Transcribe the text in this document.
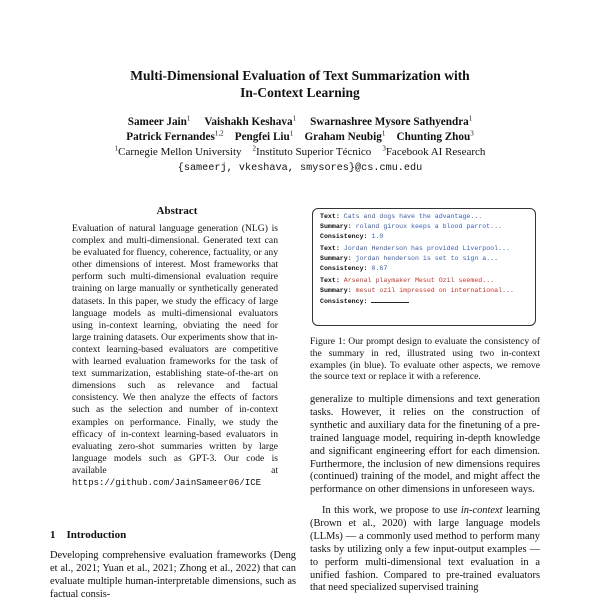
Multi-Dimensional Evaluation of Text Summarization with
In-Context Learning
Sameer Jain$^1$ Vaishakh Keshava$^1$ Swarnashree Mysore Sathyendra$^1$
Patrick Fernandes$^{1,2}$ Pengfei Liu$^1$ Graham Neubig$^1$ Chunting Zhou$^3$
$^1$Carnegie Mellon University $^2$Instituto Superior Técnico $^3$Facebook AI Research
{sameerj, vkeshava, smysores}@cs.cmu.edu
Abstract
Evaluation of natural language generation (NLG) is complex and multi-dimensional. Generated text can be evaluated for fluency, coherence, factuality, or any other dimensions of interest. Most frameworks that perform such multi-dimensional evaluation require training on large manually or synthetically generated datasets. In this paper, we study the efficacy of large language models as multi-dimensional evaluators using in-context learning, obviating the need for large training datasets. Our experiments show that in-context learning-based evaluators are competitive with learned evaluation frameworks for the task of text summarization, establishing state-of-the-art on dimensions such as relevance and factual consistency. We then analyze the effects of factors such as the selection and number of in-context examples on performance. Finally, we study the efficacy of in-context learning-based evaluators in evaluating zero-shot summaries written by large language models such as GPT-3. Our code is available at https://github.com/JainSameer06/ICE
1 Introduction
Developing comprehensive evaluation frameworks (Deng et al., 2021; Yuan et al., 2021; Zhong et al., 2022) that can evaluate multiple human-interpretable dimensions, such as factual consis-
Text: Cats and dogs have the advantage...
Summary: roland giroux keeps a blood parrot...
Consistency: 1.0
Text: Jordan Henderson has provided Liverpool...
Summary: jordan henderson is set to sign a...
Consistency: 0.67
Text: Arsenal playmaker Mesut Ozil seemed...
Summary: mesut ozil impressed on international...
Consistency:
Figure 1: Our prompt design to evaluate the consistency of the summary in red, illustrated using two in-context examples (in blue). To evaluate other aspects, we remove the source text or replace it with a reference.
generalize to multiple dimensions and text generation tasks. However, it relies on the construction of synthetic and auxiliary data for the finetuning of a pre-trained language model, requiring in-depth knowledge and significant engineering effort for each dimension. Furthermore, the inclusion of new dimensions requires (continued) training of the model, and might affect the performance on other dimensions in unforeseen ways.
In this work, we propose to use in-context learning (Brown et al., 2020) with large language models (LLMs) — a commonly used method to perform many tasks by utilizing only a few input-output examples — to perform multi-dimensional text evaluation in a unified fashion. Compared to pre-trained evaluators that need specialized supervised training
